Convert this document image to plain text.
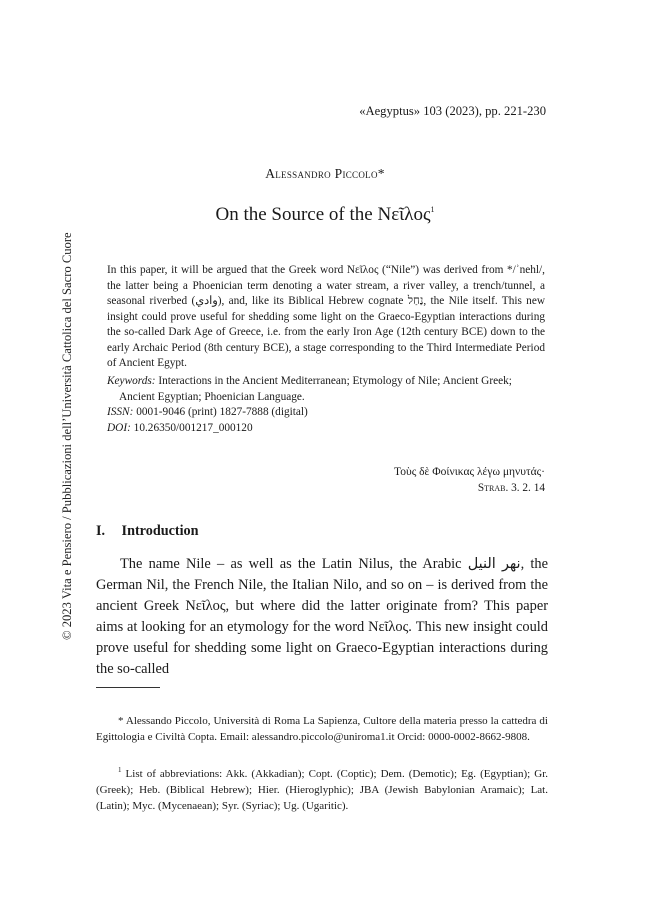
© 2023 Vita e Pensiero / Pubblicazioni dell’Università Cattolica del Sacro Cuore
«Aegyptus» 103 (2023), pp. 221-230
Alessandro Piccolo*
On the Source of the Νεῖλος$^1$
In this paper, it will be argued that the Greek word Νεῖλος (“Nile”) was derived from */ʾnehl/, the latter being a Phoenician term denoting a water stream, a river valley, a trench/tunnel, a seasonal riverbed (وادي), and, like its Biblical Hebrew cognate נַחַל, the Nile itself. This new insight could prove useful for shedding some light on the Graeco-Egyptian interactions during the so-called Dark Age of Greece, i.e. from the early Iron Age (12th century BCE) down to the early Archaic Period (8th century BCE), a stage corresponding to the Third Intermediate Period of Ancient Egypt.
Keywords: Interactions in the Ancient Mediterranean; Etymology of Nile; Ancient Greek;
Ancient Egyptian; Phoenician Language.
ISSN: 0001-9046 (print) 1827-7888 (digital)
DOI: 10.26350/001217_000120
Τοὺς δὲ Φοίνικας λέγω μηνυτάς·
Strab. 3. 2. 14
I. Introduction

The name Nile – as well as the Latin Nilus, the Arabic نهر النيل, the German Nil, the French Nile, the Italian Nilo, and so on – is derived from the ancient Greek Νεῖλος, but where did the latter originate from? This paper aims at looking for an etymology for the word Νεῖλος. This new insight could prove useful for shedding some light on Graeco-Egyptian interactions during the so-called

* Alessando Piccolo, Università di Roma La Sapienza, Cultore della materia presso la cattedra di Egittologia e Civiltà Copta. Email: alessandro.piccolo@uniroma1.it Orcid: 0000-0002-8662-9808.
$^1$ List of abbreviations: Akk. (Akkadian); Copt. (Coptic); Dem. (Demotic); Eg. (Egyptian); Gr. (Greek); Heb. (Biblical Hebrew); Hier. (Hieroglyphic); JBA (Jewish Babylonian Aramaic); Lat. (Latin); Myc. (Mycenaean); Syr. (Syriac); Ug. (Ugaritic).
